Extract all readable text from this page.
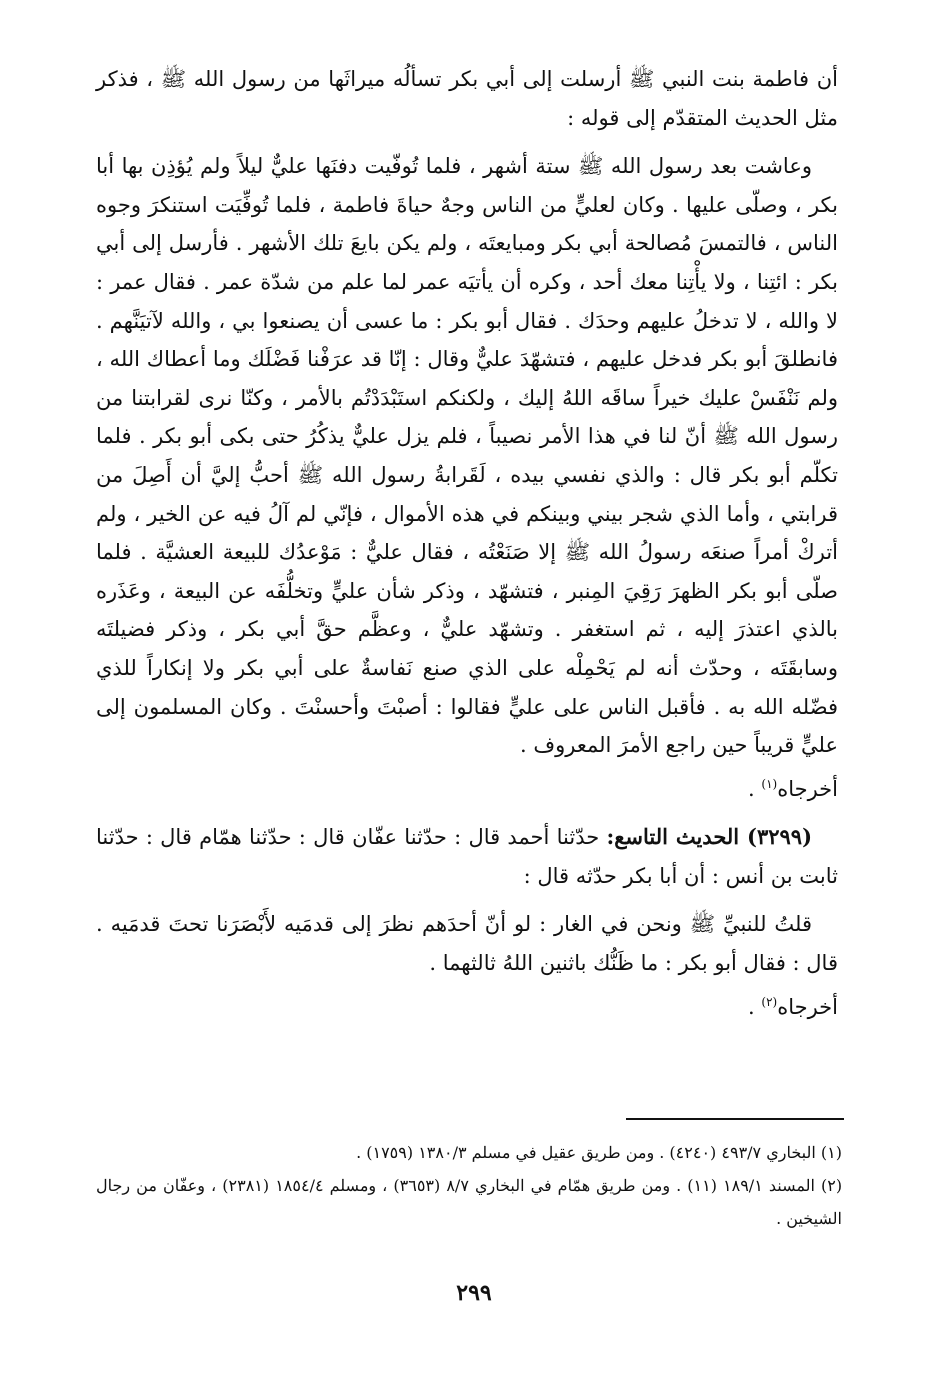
أن فاطمة بنت النبي ﷺ أرسلت إلى أبي بكر تسألُه ميراثَها من رسول الله ﷺ ، فذكر مثل الحديث المتقدّم إلى قوله :

وعاشت بعد رسول الله ﷺ ستة أشهر ، فلما تُوفّيت دفنَها عليٌّ ليلاً ولم يُؤذِن بها أبا بكر ، وصلّى عليها . وكان لعليٍّ من الناس وجهٌ حياةَ فاطمة ، فلما تُوفِّيَت استنكرَ وجوه الناس ، فالتمسَ مُصالحة أبي بكر ومبايعتَه ، ولم يكن بايعَ تلك الأشهر . فأرسل إلى أبي بكر : ائتِنا ، ولا يأْتِنا معك أحد ، وكره أن يأتيَه عمر لما علم من شدّة عمر . فقال عمر : لا والله ، لا تدخلُ عليهم وحدَك . فقال أبو بكر : ما عسى أن يصنعوا بي ، والله لآتيَنَّهم . فانطلقَ أبو بكر فدخل عليهم ، فتشهّدَ عليٌّ وقال : إنّا قد عرَفْنا فَضْلَك وما أعطاك الله ، ولم نَنْفَسْ عليك خيراً ساقَه اللهُ إليك ، ولكنكم استَبْدَدْتُم بالأمر ، وكنّا نرى لقرابتنا من رسول الله ﷺ أنّ لنا في هذا الأمر نصيباً ، فلم يزل عليٌّ يذكُرُ حتى بكى أبو بكر . فلما تكلّم أبو بكر قال : والذي نفسي بيده ، لَقَرابةُ رسول الله ﷺ أحبُّ إليَّ أن أَصِلَ من قرابتي ، وأما الذي شجر بيني وبينكم في هذه الأموال ، فإنّي لم آلُ فيه عن الخير ، ولم أتركْ أمراً صنعَه رسولُ الله ﷺ إلا صَنَعْتُه ، فقال عليٌّ : مَوْعدُك للبيعة العشيَّة . فلما صلّى أبو بكر الظهرَ رَقِيَ المِنبر ، فتشهّد ، وذكر شأن عليٍّ وتخلُّفَه عن البيعة ، وعَذَره بالذي اعتذرَ إليه ، ثم استغفر . وتشهّد عليٌّ ، وعظَّم حقَّ أبي بكر ، وذكر فضيلتَه وسابقَتَه ، وحدّث أنه لم يَحْمِلْه على الذي صنع نَفاسةٌ على أبي بكر ولا إنكاراً للذي فضّله الله به . فأقبل الناس على عليٍّ فقالوا : أصبْتَ وأحسنْتَ . وكان المسلمون إلى عليٍّ قريباً حين راجع الأمرَ المعروف .
أخرجاه$^{(١)}$ .

(٣٢٩٩) الحديث التاسع: حدّثنا أحمد قال : حدّثنا عفّان قال : حدّثنا همّام قال : حدّثنا ثابت بن أنس : أن أبا بكر حدّثه قال :

قلتُ للنبيِّ ﷺ ونحن في الغار : لو أنّ أحدَهم نظرَ إلى قدمَيه لأَبْصَرَنا تحتَ قدمَيه . قال : فقال أبو بكر : ما ظَنُّك باثنين اللهُ ثالثهما .
أخرجاه$^{(٢)}$ .

(١) البخاري ٤٩٣/٧ (٤٢٤٠) . ومن طريق عقيل في مسلم ١٣٨٠/٣ (١٧٥٩) .

(٢) المسند ١٨٩/١ (١١) . ومن طريق همّام في البخاري ٨/٧ (٣٦٥٣) ، ومسلم ١٨٥٤/٤ (٢٣٨١) ، وعفّان من رجال الشيخين .

٢٩٩
